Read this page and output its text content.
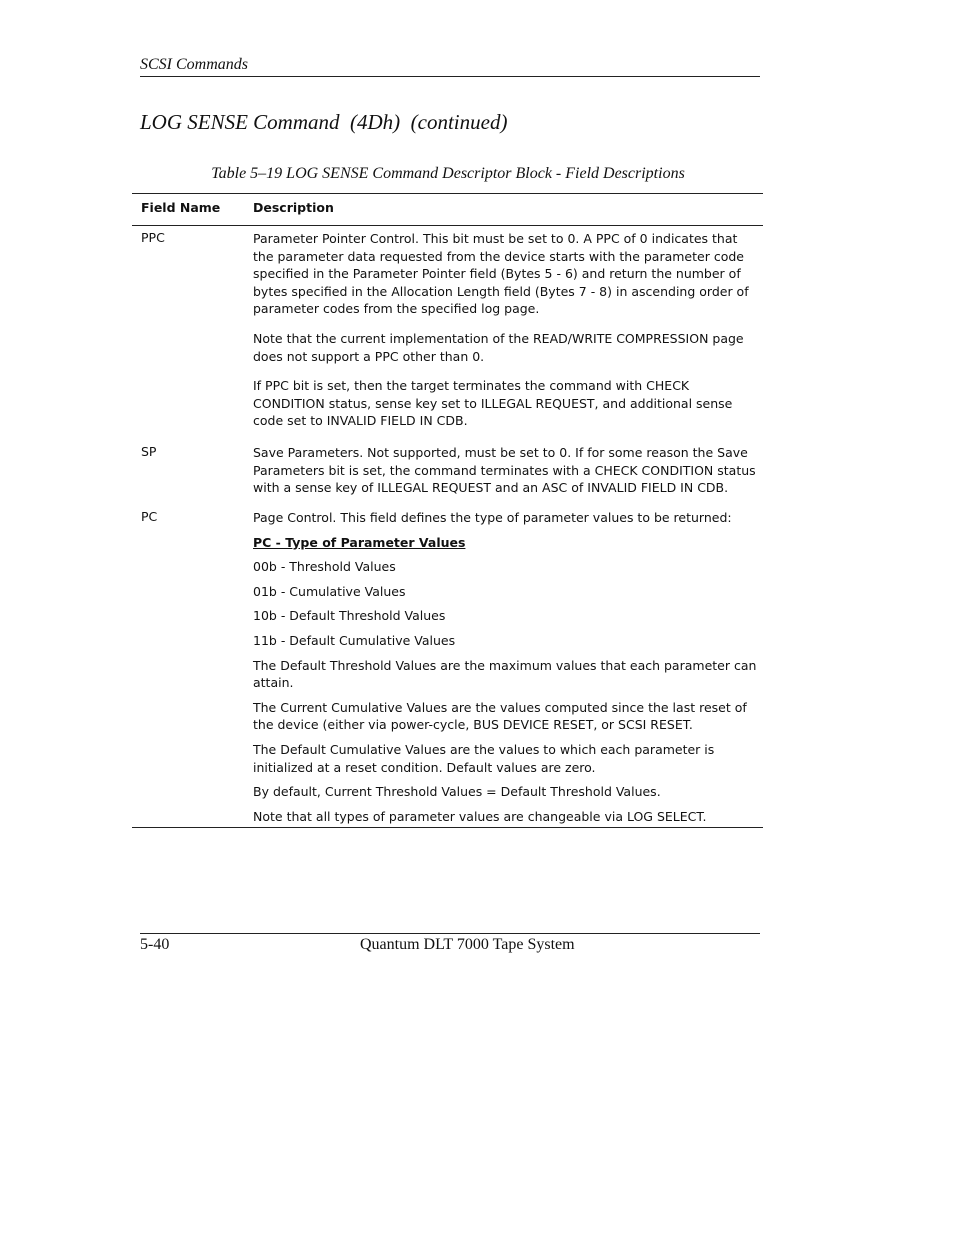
SCSI Commands
LOG SENSE Command  (4Dh)  (continued)
Table 5–19 LOG SENSE Command Descriptor Block - Field Descriptions
Field Name	Description
PPC	Parameter Pointer Control. This bit must be set to 0. A PPC of 0 indicates that the parameter data requested from the device starts with the parameter code specified in the Parameter Pointer field (Bytes 5 - 6) and return the number of bytes specified in the Allocation Length field (Bytes 7 - 8) in ascending order of parameter codes from the specified log page.

Note that the current implementation of the READ/WRITE COMPRESSION page does not support a PPC other than 0.

If PPC bit is set, then the target terminates the command with CHECK CONDITION status, sense key set to ILLEGAL REQUEST, and additional sense code set to INVALID FIELD IN CDB.

SP	Save Parameters. Not supported, must be set to 0. If for some reason the Save Parameters bit is set, the command terminates with a CHECK CONDITION status with a sense key of ILLEGAL REQUEST and an ASC of INVALID FIELD IN CDB.

PC	Page Control. This field defines the type of parameter values to be returned:

PC - Type of Parameter Values

00b - Threshold Values

01b - Cumulative Values

10b - Default Threshold Values

11b - Default Cumulative Values

The Default Threshold Values are the maximum values that each parameter can attain.

The Current Cumulative Values are the values computed since the last reset of the device (either via power-cycle, BUS DEVICE RESET, or SCSI RESET.

The Default Cumulative Values are the values to which each parameter is initialized at a reset condition. Default values are zero.

By default, Current Threshold Values = Default Threshold Values.

Note that all types of parameter values are changeable via LOG SELECT.

5-40	Quantum DLT 7000 Tape System
